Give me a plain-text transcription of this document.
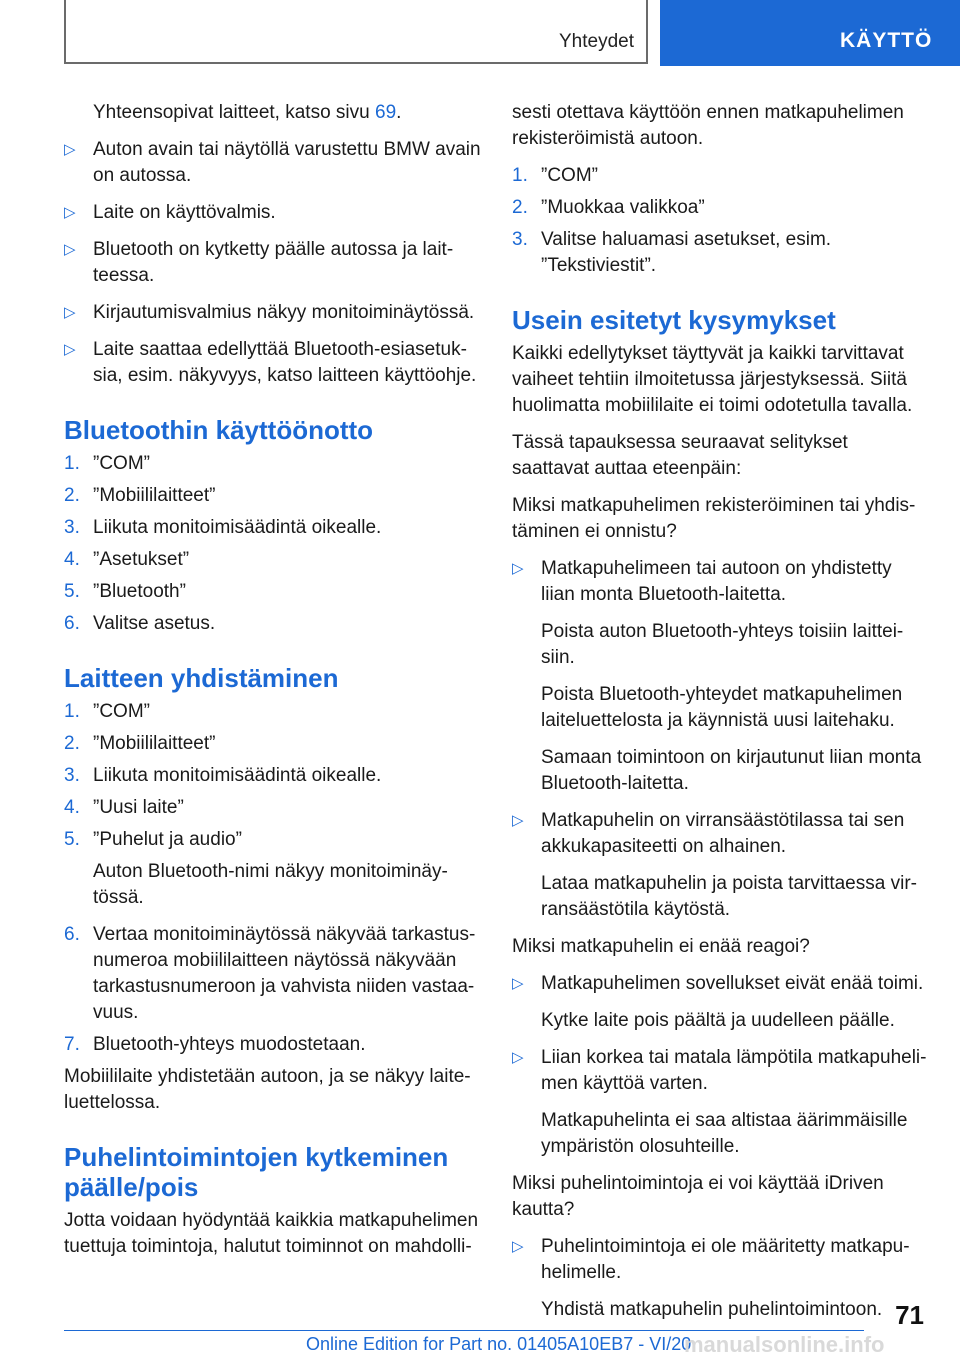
Yhteydet	KÄYTTÖ

Yhteensopivat laitteet, katso sivu 69.

▷ Auton avain tai näytöllä varustettu BMW avain on autossa.
▷ Laite on käyttövalmis.
▷ Bluetooth on kytketty päälle autossa ja lait-teessa.
▷ Kirjautumisvalmius näkyy monitoiminäytössä.
▷ Laite saattaa edellyttää Bluetooth-esiasetuk-sia, esim. näkyvyys, katso laitteen käyttöohje.
Bluetoothin käyttöönotto
1. ”COM”
2. ”Mobiililaitteet”
3. Liikuta monitoimisäädintä oikealle.
4. ”Asetukset”
5. ”Bluetooth”
6. Valitse asetus.
Laitteen yhdistäminen
1. ”COM”
2. ”Mobiililaitteet”
3. Liikuta monitoimisäädintä oikealle.
4. ”Uusi laite”
5. ”Puhelut ja audio”

Auton Bluetooth-nimi näkyy monitoiminäy-tössä.

6. Vertaa monitoiminäytössä näkyvää tarkastus-numeroa mobiililaitteen näytössä näkyvään tarkastusnumeroon ja vahvista niiden vastaa-vuus.
7. Bluetooth-yhteys muodostetaan.

Mobiililaite yhdistetään autoon, ja se näkyy laite-luettelossa.

Puhelintoimintojen kytkeminen päälle/pois

Jotta voidaan hyödyntää kaikkia matkapuhelimen tuettuja toimintoja, halutut toiminnot on mahdolli-

sesti otettava käyttöön ennen matkapuhelimen rekisteröimistä autoon.

1. ”COM”
2. ”Muokkaa valikkoa”
3. Valitse haluamasi asetukset, esim. ”Tekstiviestit”.
Usein esitetyt kysymykset

Kaikki edellytykset täyttyvät ja kaikki tarvittavat vaiheet tehtiin ilmoitetussa järjestyksessä. Siitä huolimatta mobiililaite ei toimi odotetulla tavalla.

Tässä tapauksessa seuraavat selitykset saattavat auttaa eteenpäin:

Miksi matkapuhelimen rekisteröiminen tai yhdis-täminen ei onnistu?

▷ Matkapuhelimeen tai autoon on yhdistetty liian monta Bluetooth-laitetta.

Poista auton Bluetooth-yhteys toisiin laittei-siin.

Poista Bluetooth-yhteydet matkapuhelimen laiteluettelosta ja käynnistä uusi laitehaku.

Samaan toimintoon on kirjautunut liian monta Bluetooth-laitetta.

▷ Matkapuhelin on virransäästötilassa tai sen akkukapasiteetti on alhainen.

Lataa matkapuhelin ja poista tarvittaessa vir-ransäästötila käytöstä.

Miksi matkapuhelin ei enää reagoi?

▷ Matkapuhelimen sovellukset eivät enää toimi.

Kytke laite pois päältä ja uudelleen päälle.

▷ Liian korkea tai matala lämpötila matkapuheli-men käyttöä varten.

Matkapuhelinta ei saa altistaa äärimmäisille ympäristön olosuhteille.

Miksi puhelintoimintoja ei voi käyttää iDriven kautta?

▷ Puhelintoimintoja ei ole määritetty matkapu-helimelle.

Yhdistä matkapuhelin puhelintoimintoon. 71
Online Edition for Part no. 01405A10EB7 - VI/20
manualsonline.info
